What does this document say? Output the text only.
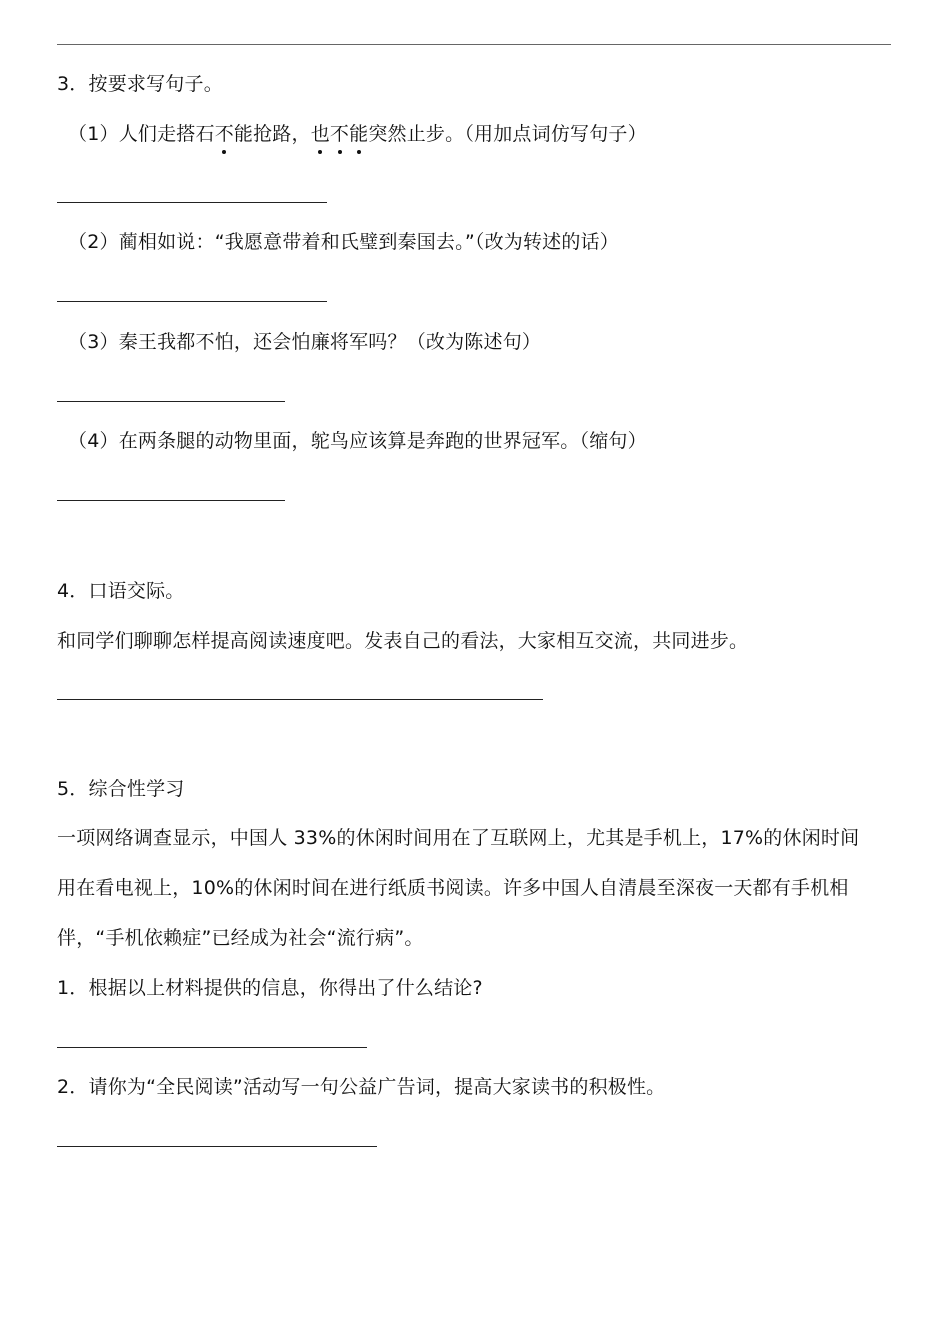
3．按要求写句子。
（1）人们走搭石不能抢路，也不能突然止步。（用加点词仿写句子）
（2）蔺相如说：“我愿意带着和氏璧到秦国去。”（改为转述的话）
（3）秦王我都不怕，还会怕廉将军吗？（改为陈述句）
（4）在两条腿的动物里面，鸵鸟应该算是奔跑的世界冠军。（缩句）
4．口语交际。
和同学们聊聊怎样提高阅读速度吧。发表自己的看法，大家相互交流，共同进步。
5．综合性学习
一项网络调查显示，中国人 33%的休闲时间用在了互联网上，尤其是手机上，17%的休闲时间
用在看电视上，10%的休闲时间在进行纸质书阅读。许多中国人自清晨至深夜一天都有手机相
伴，“手机依赖症”已经成为社会“流行病”。
1．根据以上材料提供的信息，你得出了什么结论?
2．请你为“全民阅读”活动写一句公益广告词，提高大家读书的积极性。
